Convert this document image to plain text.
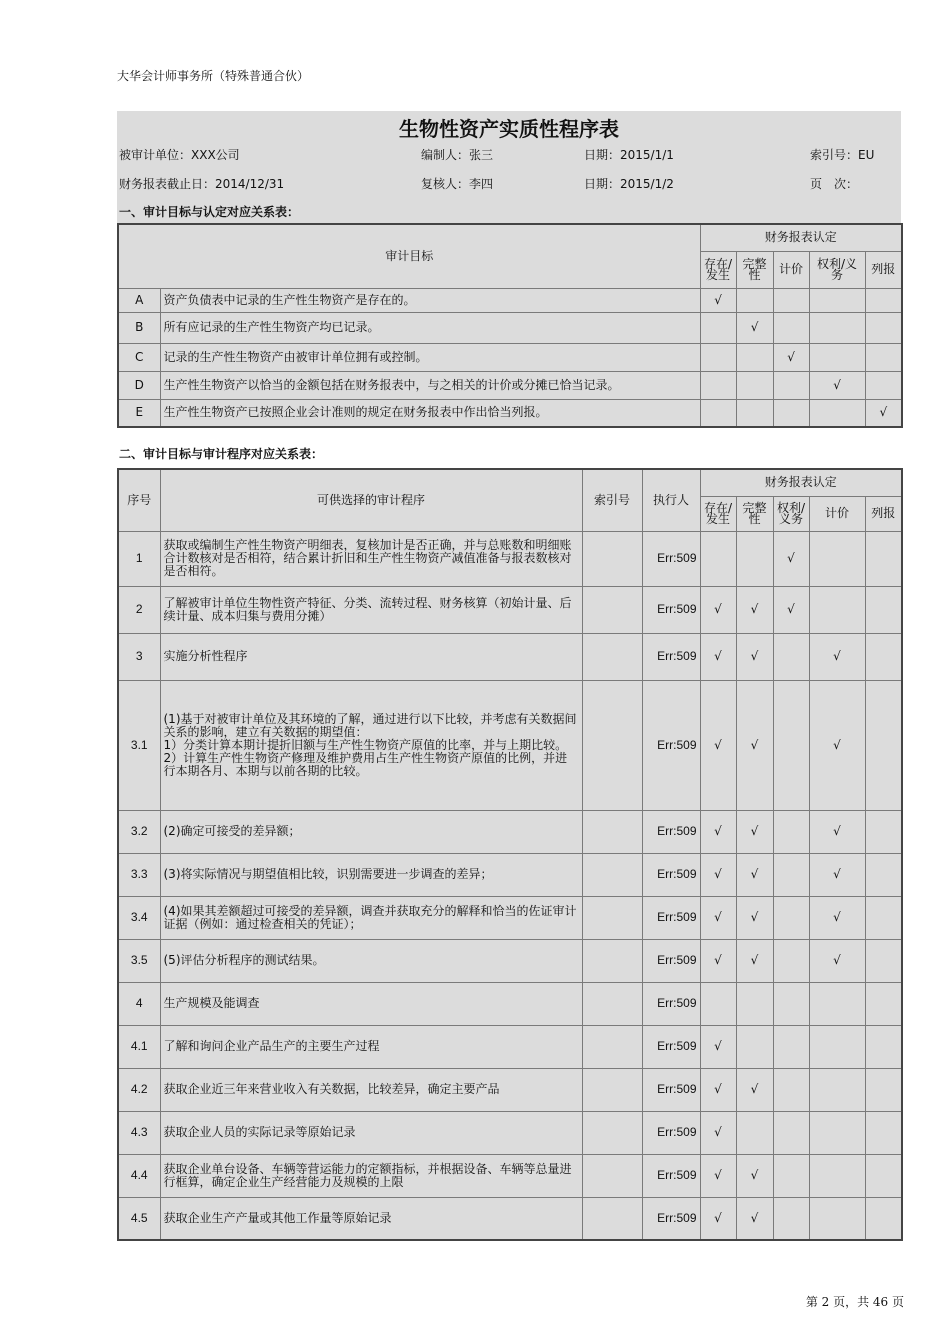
大华会计师事务所（特殊普通合伙）
生物性资产实质性程序表
被审计单位：XXX公司	编制人：张三	日期：2015/1/1	索引号：EU
财务报表截止日：2014/12/31	复核人：李四	日期：2015/1/2	页　次：
一、审计目标与认定对应关系表：
审计目标		财务报表认定				
		存在/发生	完整性	计价	权利/义务	列报
A	资产负债表中记录的生产性生物资产是存在的。	√				
B	所有应记录的生产性生物资产均已记录。		√			
C	记录的生产性生物资产由被审计单位拥有或控制。			√		
D	生产性生物资产以恰当的金额包括在财务报表中，与之相关的计价或分摊已恰当记录。				√	
E	生产性生物资产已按照企业会计准则的规定在财务报表中作出恰当列报。					√
二、审计目标与审计程序对应关系表：
序号	可供选择的审计程序	索引号	执行人	财务报表认定				
				存在/发生	完整性	权利/义务	计价	列报
1	获取或编制生产性生物资产明细表，复核加计是否正确，并与总账数和明细账合计数核对是否相符，结合累计折旧和生产性生物资产减值准备与报表数核对是否相符。		Err:509			√		
2	了解被审计单位生物性资产特征、分类、流转过程、财务核算（初始计量、后续计量、成本归集与费用分摊）		Err:509	√	√	√		
3	实施分析性程序		Err:509	√	√		√	
3.1	(1)基于对被审计单位及其环境的了解，通过进行以下比较，并考虑有关数据间关系的影响，建立有关数据的期望值：
1）分类计算本期计提折旧额与生产性生物资产原值的比率，并与上期比较。
2）计算生产性生物资产修理及维护费用占生产性生物资产原值的比例，并进行本期各月、本期与以前各期的比较。		Err:509	√	√		√	
3.2	(2)确定可接受的差异额；		Err:509	√	√		√	
3.3	(3)将实际情况与期望值相比较，识别需要进一步调查的差异；		Err:509	√	√		√	
3.4	(4)如果其差额超过可接受的差异额，调查并获取充分的解释和恰当的佐证审计证据（例如：通过检查相关的凭证）；		Err:509	√	√		√	
3.5	(5)评估分析程序的测试结果。		Err:509	√	√		√	
4	生产规模及能调查		Err:509					
4.1	了解和询问企业产品生产的主要生产过程		Err:509	√				
4.2	获取企业近三年来营业收入有关数据，比较差异，确定主要产品		Err:509	√	√			
4.3	获取企业人员的实际记录等原始记录		Err:509	√				
4.4	获取企业单台设备、车辆等营运能力的定额指标，并根据设备、车辆等总量进行框算，确定企业生产经营能力及规模的上限		Err:509	√	√			
4.5	获取企业生产产量或其他工作量等原始记录		Err:509	√	√			
第 2 页，共 46 页
